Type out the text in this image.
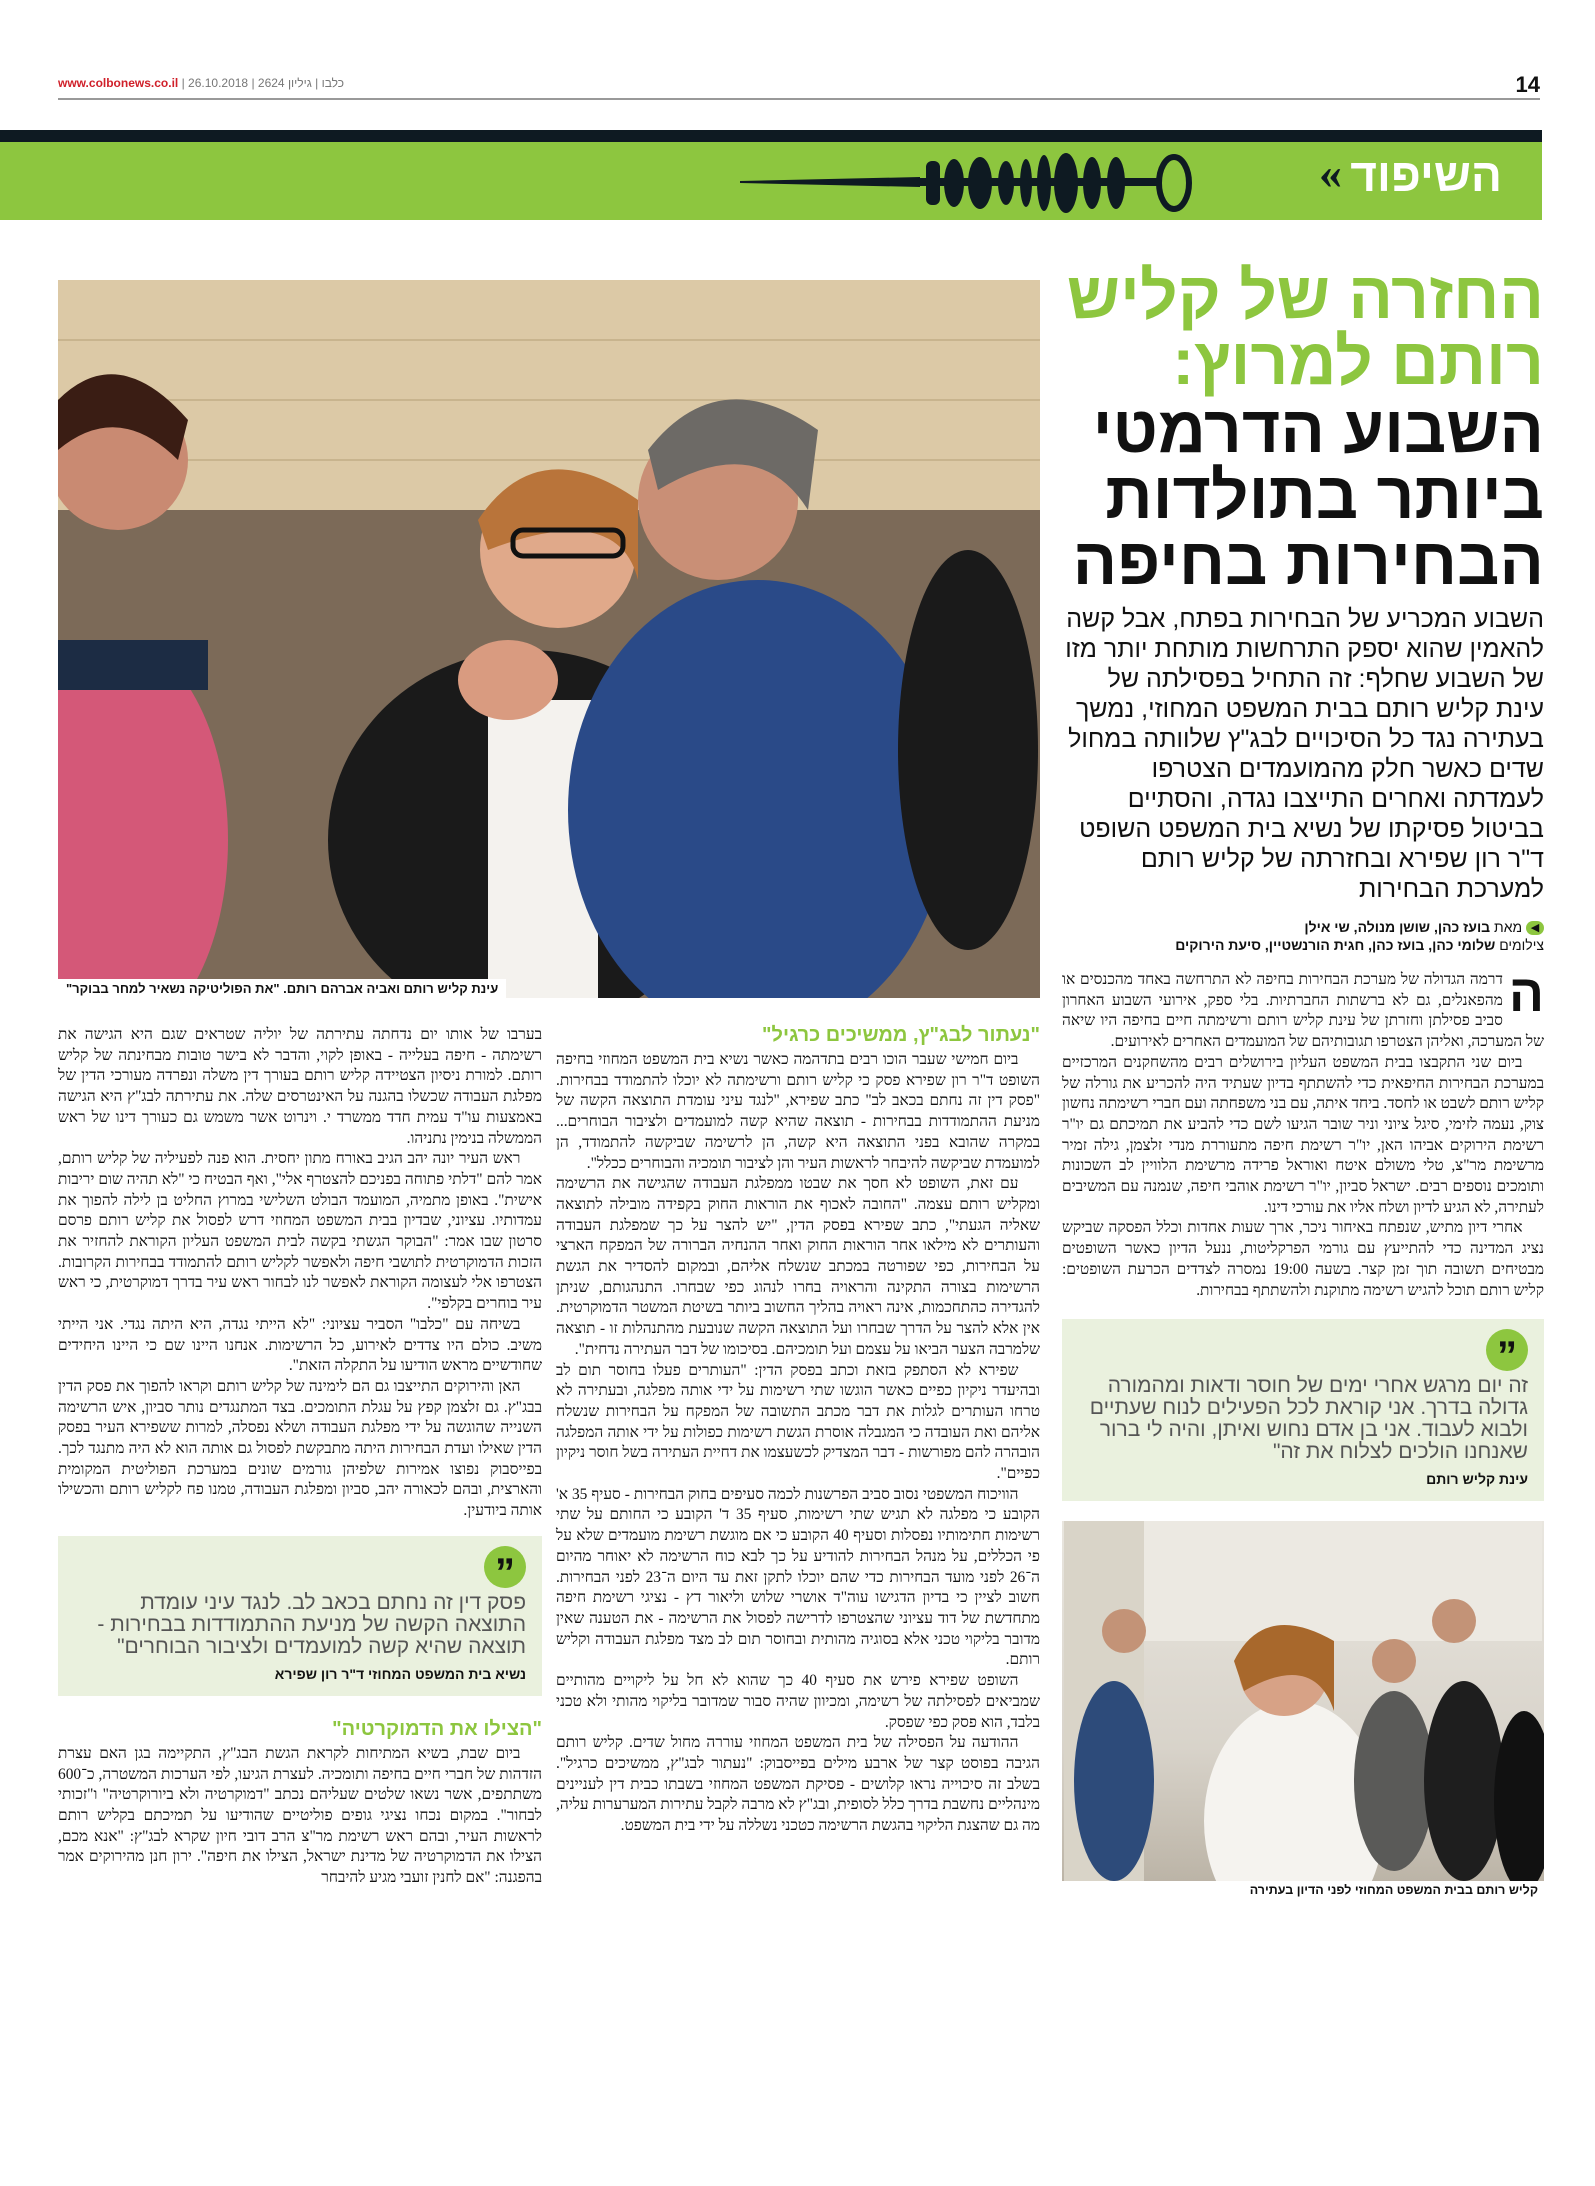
www.colbonews.co.il | כלבו | גיליון 2624 | 26.10.2018	14
« השיפוד
עינת קליש רותם ואביה אברהם רותם. "את הפוליטיקה נשאיר למחר בבוקר"
החזרה של קליש רותם למרוץ:
השבוע הדרמטי ביותר בתולדות הבחירות בחיפה
השבוע המכריע של הבחירות בפתח, אבל קשה להאמין שהוא יספק התרחשות מותחת יותר מזו של השבוע שחלף: זה התחיל בפסילתה של עינת קליש רותם בבית המשפט המחוזי, נמשך בעתירה נגד כל הסיכויים לבג"ץ שלוותה במחול שדים כאשר חלק מהמועמדים הצטרפו לעמדתה ואחרים התייצבו נגדה, והסתיים בביטול פסיקתו של נשיא בית המשפט השופט ד"ר רון שפירא ובחזרתה של קליש רותם למערכת הבחירות
◀ מאת בועז כהן, שושן מנולה, שי אילן
צילומים שלומי כהן, בועז כהן, חגית הורנשטיין, סיעת הירוקים
ה

דרמה הגדולה של מערכת הבחירות בחיפה לא התרחשה באחד מהכנסים או מהפאנלים, גם לא ברשתות החברתיות. בלי ספק, אירועי השבוע האחרון סביב פסילתן וחזרתן של עינת קליש רותם ורשימתה חיים בחיפה היו שיאה של המערכה, ואליהן הצטרפו תגובותיהם של המועמדים האחרים לאירועים.

ביום שני התקבצו בבית המשפט העליון בירושלים רבים מהשחקנים המרכזיים במערכת הבחירות החיפאית כדי להשתתף בדיון שעתיד היה להכריע את גורלה של קליש רותם לשבט או לחסד. ביחד איתה, עם בני משפחתה ועם חברי רשימתה נחשון צוק, נעמה לזימי, סיגל ציוני וניר שובר הגיעו לשם כדי להביע את תמיכתם גם יו"ר רשימת הירוקים אביהו האן, יו"ר רשימת חיפה מתעוררת מנדי זלצמן, גילה זמיר מרשימת מר"צ, טלי משולם איטח ואוראל פרידה מרשימת הלוויין לב השכונות ותומכים נוספים רבים. ישראל סביון, יו"ר רשימת אוהבי חיפה, שנמנה עם המשיבים לעתירה, לא הגיע לדיון ושלח אליו את עורכי דינו.

אחרי דיון מתיש, שנפתח באיחור ניכר, ארך שעות אחדות וכלל הפסקה שביקש נציג המדינה כדי להתייעץ עם גורמי הפרקליטות, ננעל הדיון כאשר השופטים מבטיחים תשובה תוך זמן קצר. בשעה 19:00 נמסרה לצדדים הכרעת השופטים: קליש רותם תוכל להגיש רשימה מתוקנת ולהשתתף בבחירות.

”
זה יום מרגש אחרי ימים של חוסר ודאות ומהמורה גדולה בדרך. אני קוראת לכל הפעילים לנוח שעתיים ולבוא לעבוד. אני בן אדם נחוש ואיתן, והיה לי ברור שאנחנו הולכים לצלוח את זה"
עינת קליש רותם
קליש רותם בבית המשפט המחוזי לפני הדיון בעתירה
"נעתור לבג"ץ, ממשיכים כרגיל"

ביום חמישי שעבר הוכו רבים בתדהמה כאשר נשיא בית המשפט המחוזי בחיפה השופט ד"ר רון שפירא פסק כי קליש רותם ורשימתה לא יוכלו להתמודד בבחירות. "פסק דין זה נחתם בכאב לב" כתב שפירא, "לנגד עיני עומדת התוצאה הקשה של מניעת ההתמודדות בבחירות - תוצאה שהיא קשה למועמדים ולציבור הבוחרים... במקרה שהובא בפני התוצאה היא קשה, הן לרשימה שביקשה להתמודד, הן למועמדת שביקשה להיבחר לראשות העיר והן לציבור תומכיה והבוחרים ככלל".

עם זאת, השופט לא חסך את שבטו ממפלגת העבודה שהגישה את הרשימה ומקליש רותם עצמה. "החובה לאכוף את הוראות החוק בקפידה מובילה לתוצאה שאליה הגעתי", כתב שפירא בפסק הדין, "יש להצר על כך שמפלגת העבודה והעותרים לא מילאו אחר הוראות החוק ואחר ההנחיה הברורה של המפקח הארצי על הבחירות, כפי שפורטה במכתב שנשלח אליהם, ובמקום להסדיר את הגשת הרשימות בצורה התקינה והראויה בחרו לנהוג כפי שבחרו. התנהגותם, שניתן להגדירה כהתחכמות, אינה ראויה בהליך החשוב ביותר בשיטת המשטר הדמוקרטית. אין אלא להצר על הדרך שבחרו ועל התוצאה הקשה שנובעת מהתנהלות זו - תוצאה שלמרבה הצער הביאו על עצמם ועל תומכיהם. בסיכומו של דבר העתירה נדחית".

שפירא לא הסתפק בזאת וכתב בפסק הדין: "העותרים פעלו בחוסר תום לב ובהיעדר ניקיון כפיים כאשר הוגשו שתי רשימות על ידי אותה מפלגה, ובעתירה לא טרחו העותרים לגלות את דבר מכתב התשובה של המפקח על הבחירות שנשלח אליהם ואת העובדה כי המגבלה אוסרת הגשת רשימות כפולות על ידי אותה המפלגה הובהרה להם מפורשות - דבר המצדיק לכשעצמו את דחיית העתירה בשל חוסר ניקיון כפיים".

הוויכוח המשפטי נסוב סביב הפרשנות לכמה סעיפים בחוק הבחירות - סעיף 35 א' הקובע כי מפלגה לא תגיש שתי רשימות, סעיף 35 ד' הקובע כי החותם על שתי רשימות חתימותיו נפסלות וסעיף 40 הקובע כי אם מוגשת רשימת מועמדים שלא על פי הכללים, על מנהל הבחירות להודיע על כך לבא כוח הרשימה לא יאוחר מהיום ה־26 לפני מועד הבחירות כדי שהם יוכלו לתקן זאת עד היום ה־23 לפני הבחירות. חשוב לציין כי בדיון הדגישו עוה"ד אושרי שלוש וליאור דץ - נציגי רשימת חיפה מתחדשת של דוד עציוני שהצטרפו לדרישה לפסול את הרשימה - את הטענה שאין מדובר בליקוי טכני אלא בסוגיה מהותית ובחוסר תום לב מצד מפלגת העבודה וקליש רותם.

השופט שפירא פירש את סעיף 40 כך שהוא לא חל על ליקויים מהותיים שמביאים לפסילתה של רשימה, ומכיוון שהיה סבור שמדובר בליקוי מהותי ולא טכני בלבד, הוא פסק כפי שפסק.

ההודעה על הפסילה של בית המשפט המחוזי עוררה מחול שדים. קליש רותם הגיבה בפוסט קצר של ארבע מילים בפייסבוק: "נעתור לבג"ץ, ממשיכים כרגיל". בשלב זה סיכוייה נראו קלושים - פסיקת המשפט המחוזי בשבתו כבית דין לעניינים מינהליים נחשבת בדרך כלל לסופית, ובג"ץ לא מרבה לקבל עתירות המערערות עליה, מה גם שהצגת הליקוי בהגשת הרשימה כטכני נשללה על ידי בית המשפט.

בערבו של אותו יום נדחתה עתירתה של יוליה שטראים שגם היא הגישה את רשימתה - חיפה בעלייה - באופן לקוי, והדבר לא בישר טובות מבחינתה של קליש רותם. למורת ניסיון הצטיידה קליש רותם בעורך דין משלה ונפרדה מעורכי הדין של מפלגת העבודה שכשלו בהגנה על האינטרסים שלה. את עתירתה לבג"ץ היא הגישה באמצעות עו"ד עמית חדד ממשרד י. וינרוט אשר משמש גם כעורך דינו של ראש הממשלה בנימין נתניהו.

ראש העיר יונה יהב הגיב באורח מתון יחסית. הוא פנה לפעיליה של קליש רותם, אמר להם "דלתי פתוחה בפניכם להצטרף אלי", ואף הבטיח כי "לא תהיה שום יריבות אישית". באופן מתמיה, המועמד הבולט השלישי במרוץ החליט בן לילה להפוך את עמדותיו. עציוני, שבדיון בבית המשפט המחוזי דרש לפסול את קליש רותם פרסם סרטון שבו אמר: "הבוקר הגשתי בקשה לבית המשפט העליון הקוראת להחזיר את הזכות הדמוקרטית לתושבי חיפה ולאפשר לקליש רותם להתמודד בבחירות הקרובות. הצטרפו אלי לעצומה הקוראת לאפשר לנו לבחור ראש עיר בדרך דמוקרטית, כי ראש עיר בוחרים בקלפי".

בשיחה עם "כלבו" הסביר עציוני: "לא הייתי נגדה, היא היתה נגדי. אני הייתי משיב. כולם היו צדדים לאירוע, כל הרשימות. אנחנו היינו שם כי היינו היחידים שחודשיים מראש הודיעו על התקלה הזאת".

האן והירוקים התייצבו גם הם לימינה של קליש רותם וקראו להפוך את פסק הדין בבג"ץ. גם זלצמן קפץ על עגלת התומכים. בצד המתנגדים נותר סביון, איש הרשימה השנייה שהוגשה על ידי מפלגת העבודה ושלא נפסלה, למרות ששפירא העיר בפסק הדין שאילו ועדת הבחירות היתה מתבקשת לפסול גם אותה הוא לא היה מתנגד לכך. בפייסבוק נפוצו אמירות שלפיהן גורמים שונים במערכת הפוליטית המקומית והארצית, ובהם לכאורה יהב, סביון ומפלגת העבודה, טמנו פח לקליש רותם והכשילו אותה ביודעין.

”
פסק דין זה נחתם בכאב לב. לנגד עיני עומדת התוצאה הקשה של מניעת ההתמודדות בבחירות - תוצאה שהיא קשה למועמדים ולציבור הבוחרים"
נשיא בית המשפט המחוזי ד"ר רון שפירא
"הצילו את הדמוקרטיה"

ביום שבת, בשיא המתיחות לקראת הגשת הבג"ץ, התקיימה בגן האם עצרת הזדהות של חברי חיים בחיפה ותומכיה. לעצרת הגיעו, לפי הערכות המשטרה, כ־600 משתתפים, אשר נשאו שלטים שעליהם נכתב "דמוקרטיה ולא ביורוקרטיה" ו"זכותי לבחור". במקום נכחו נציגי גופים פוליטיים שהודיעו על תמיכתם בקליש רותם לראשות העיר, ובהם ראש רשימת מר"צ הרב דובי חיון שקרא לבג"ץ: "אנא מכם, הצילו את הדמוקרטיה של מדינת ישראל, הצילו את חיפה". ירון חנן מהירוקים אמר בהפגנה: "אם לחנין זועבי מגיע להיבחר
